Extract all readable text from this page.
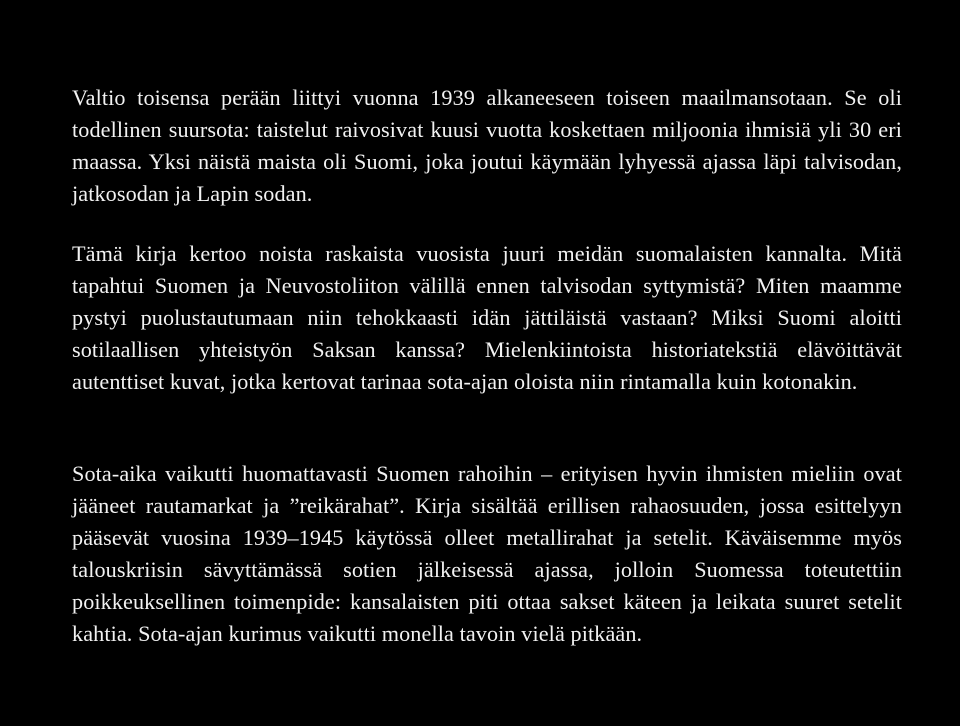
Valtio toisensa perään liittyi vuonna 1939 alkaneeseen toiseen maailmansotaan. Se oli todellinen suursota: taistelut raivosivat kuusi vuotta koskettaen miljoonia ihmisiä yli 30 eri maassa. Yksi näistä maista oli Suomi, joka joutui käymään lyhyessä ajassa läpi talvisodan, jatkosodan ja Lapin sodan.

Tämä kirja kertoo noista raskaista vuosista juuri meidän suomalaisten kannalta. Mitä tapahtui Suomen ja Neuvostoliiton välillä ennen talvisodan syttymistä? Miten maamme pystyi puolustautumaan niin tehokkaasti idän jättiläistä vastaan? Miksi Suomi aloitti sotilaallisen yhteistyön Saksan kanssa? Mielenkiintoista historiatekstiä elävöittävät autenttiset kuvat, jotka kertovat tarinaa sota-ajan oloista niin rintamalla kuin kotonakin.

Sota-aika vaikutti huomattavasti Suomen rahoihin – erityisen hyvin ihmisten mieliin ovat jääneet rautamarkat ja ”reikärahat”. Kirja sisältää erillisen rahaosuuden, jossa esittelyyn pääsevät vuosina 1939–1945 käytössä olleet metallirahat ja setelit. Käväisemme myös talouskriisin sävyttämässä sotien jälkeisessä ajassa, jolloin Suomessa toteutettiin poikkeuksellinen toimenpide: kansalaisten piti ottaa sakset käteen ja leikata suuret setelit kahtia. Sota-ajan kurimus vaikutti monella tavoin vielä pitkään.
